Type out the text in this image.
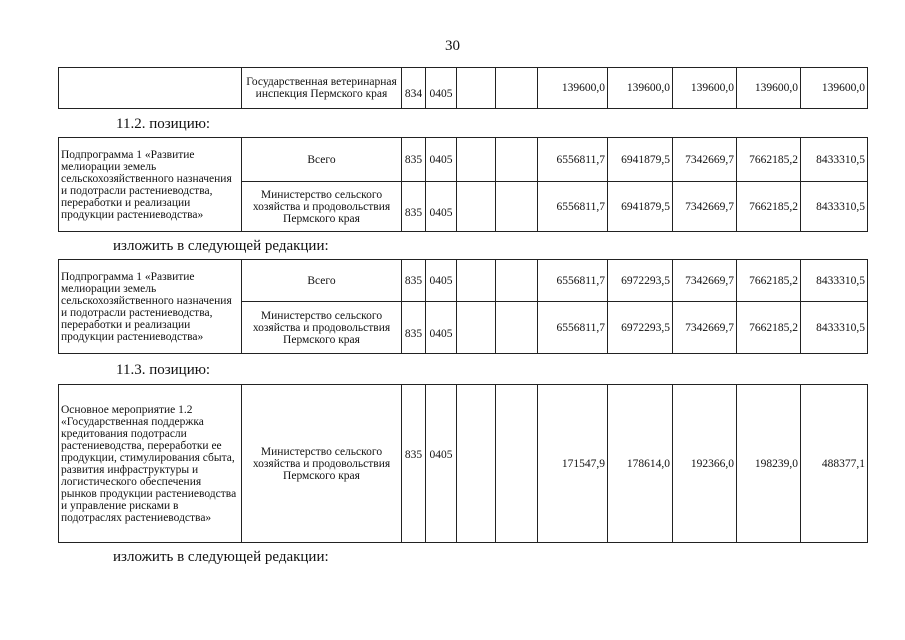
30
	Государственная ветеринарная инспекция Пермского края	834	0405			139600,0	139600,0	139600,0	139600,0	139600,0
11.2. позицию:
Подпрограмма 1 «Развитие мелиорации земель сельскохозяйственного назначения и подотрасли растениеводства, переработки и реализации продукции растениеводства»	Всего	835	0405			6556811,7	6941879,5	7342669,7	7662185,2	8433310,5
	Министерство сельского хозяйства и продовольствия Пермского края	835	0405			6556811,7	6941879,5	7342669,7	7662185,2	8433310,5
изложить в следующей редакции:
Подпрограмма 1 «Развитие мелиорации земель сельскохозяйственного назначения и подотрасли растениеводства, переработки и реализации продукции растениеводства»	Всего	835	0405			6556811,7	6972293,5	7342669,7	7662185,2	8433310,5
	Министерство сельского хозяйства и продовольствия Пермского края	835	0405			6556811,7	6972293,5	7342669,7	7662185,2	8433310,5
11.3. позицию:
Основное мероприятие 1.2 «Государственная поддержка кредитования подотрасли растениеводства, переработки ее продукции, стимулирования сбыта, развития инфраструктуры и логистического обеспечения рынков продукции растениеводства и управление рисками в подотраслях растениеводства»	Министерство сельского хозяйства и продовольствия Пермского края	835	0405			171547,9	178614,0	192366,0	198239,0	488377,1
изложить в следующей редакции:
